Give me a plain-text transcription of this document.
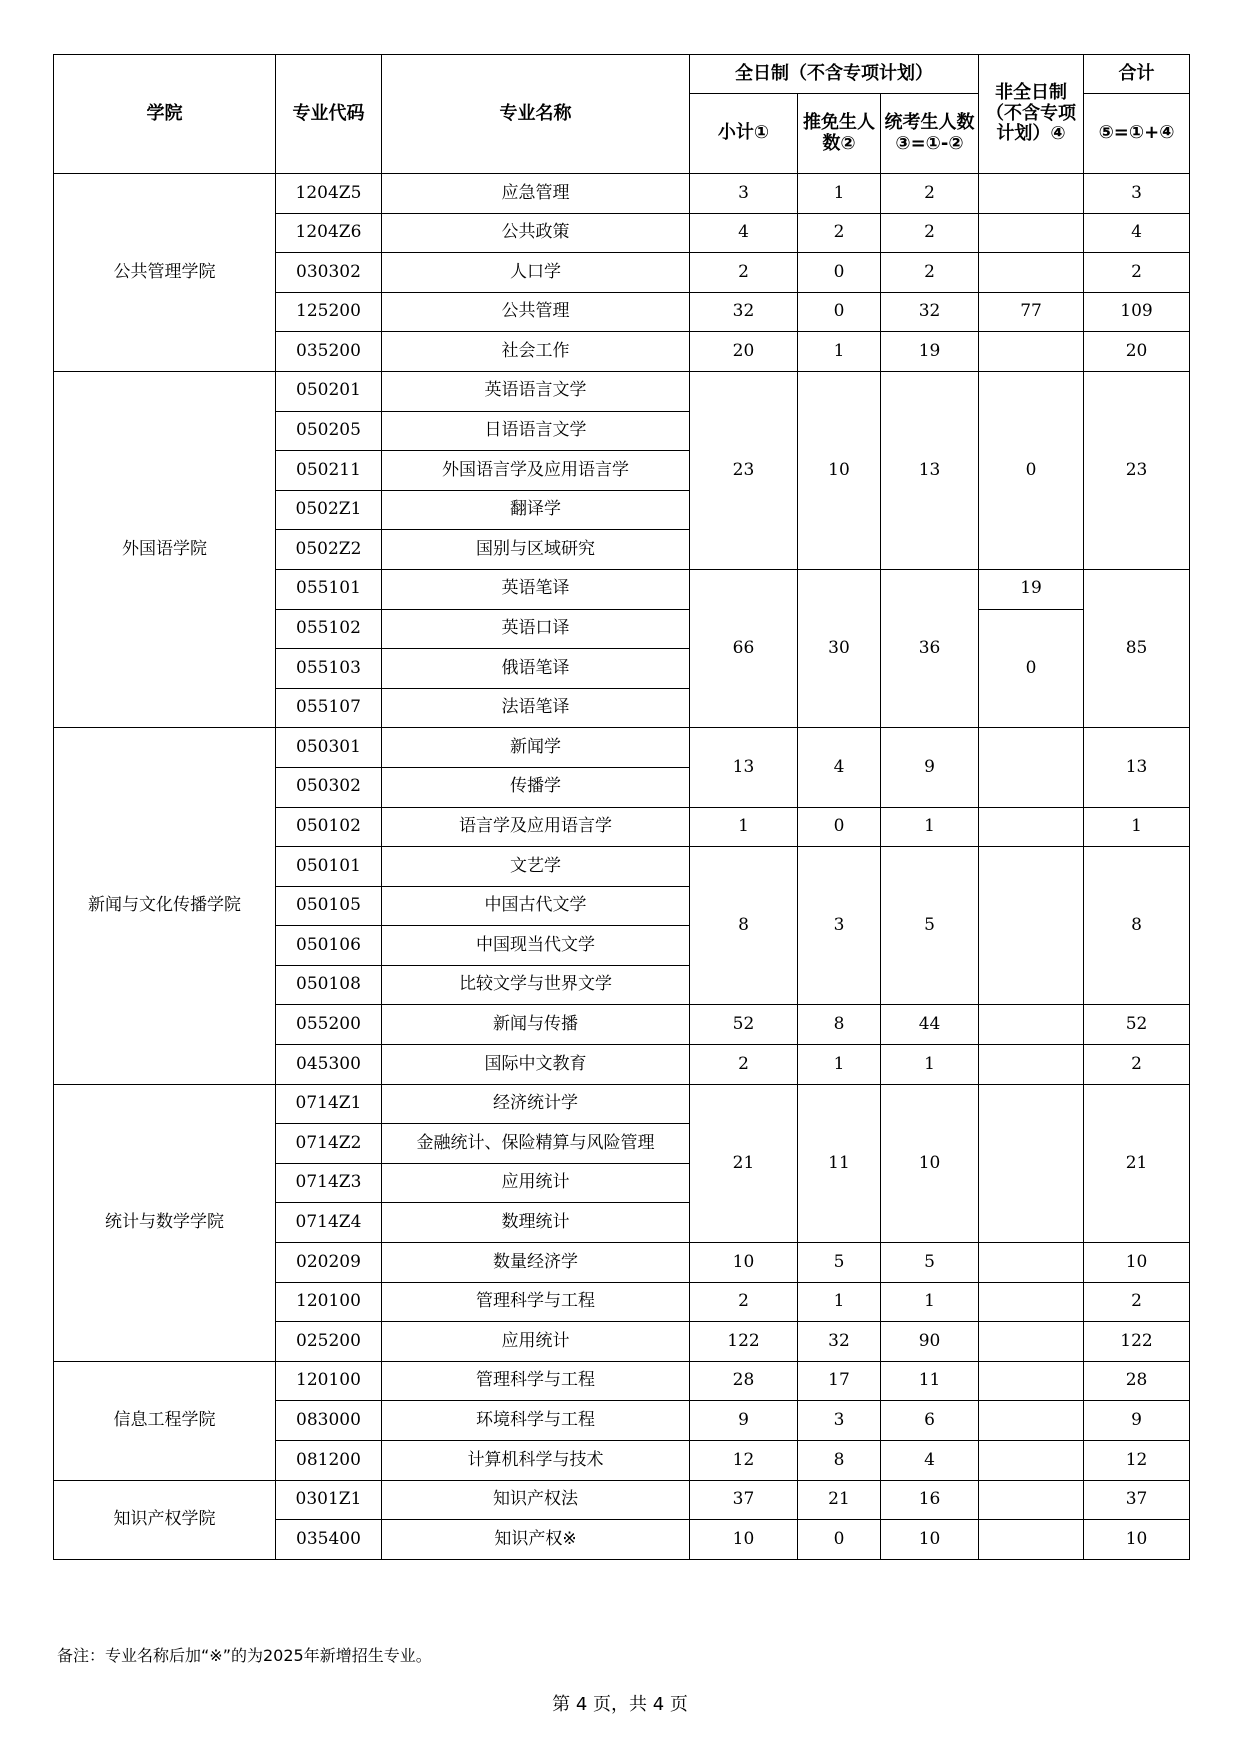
学院	专业代码	专业名称	全日制（不含专项计划）			非全日制（不含专项计划）④	合计
			小计①	推免生人数②	统考生人数③=①-②		⑤=①+④
公共管理学院	1204Z5	应急管理	3	1	2		3
	1204Z6	公共政策	4	2	2		4
	030302	人口学	2	0	2		2
	125200	公共管理	32	0	32	77	109
	035200	社会工作	20	1	19		20
外国语学院	050201	英语语言文学	23	10	13	0	23
	050205	日语语言文学					
	050211	外国语言学及应用语言学					
	0502Z1	翻译学					
	0502Z2	国别与区域研究					
	055101	英语笔译	66	30	36	19	85
	055102	英语口译				0	
	055103	俄语笔译					
	055107	法语笔译					
新闻与文化传播学院	050301	新闻学	13	4	9		13
	050302	传播学					
	050102	语言学及应用语言学	1	0	1		1
	050101	文艺学	8	3	5		8
	050105	中国古代文学					
	050106	中国现当代文学					
	050108	比较文学与世界文学					
	055200	新闻与传播	52	8	44		52
	045300	国际中文教育	2	1	1		2
统计与数学学院	0714Z1	经济统计学	21	11	10		21
	0714Z2	金融统计、保险精算与风险管理					
	0714Z3	应用统计					
	0714Z4	数理统计					
	020209	数量经济学	10	5	5		10
	120100	管理科学与工程	2	1	1		2
	025200	应用统计	122	32	90		122
信息工程学院	120100	管理科学与工程	28	17	11		28
	083000	环境科学与工程	9	3	6		9
	081200	计算机科学与技术	12	8	4		12
知识产权学院	0301Z1	知识产权法	37	21	16		37
	035400	知识产权※	10	0	10		10
备注：专业名称后加“※”的为2025年新增招生专业。
第 4 页，共 4 页
